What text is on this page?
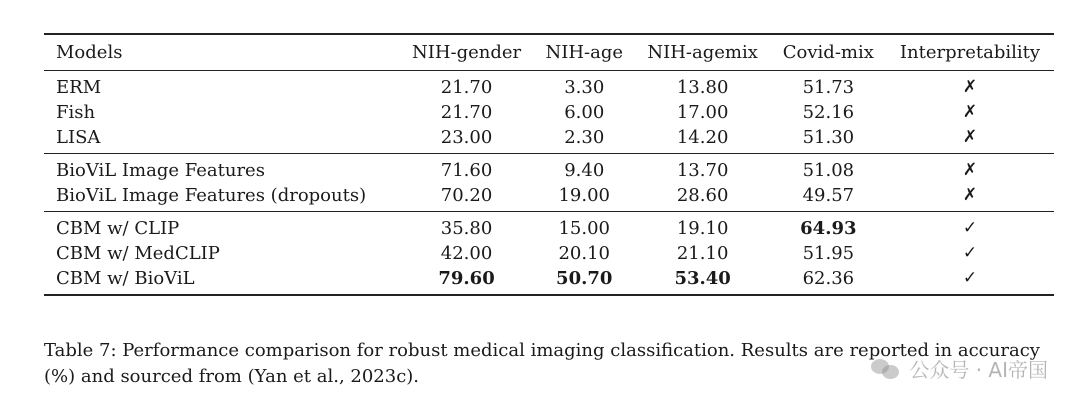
Models	NIH-gender	NIH-age	NIH-agemix	Covid-mix	Interpretability
ERM	21.70	3.30	13.80	51.73	✗
Fish	21.70	6.00	17.00	52.16	✗
LISA	23.00	2.30	14.20	51.30	✗
BioViL Image Features	71.60	9.40	13.70	51.08	✗
BioViL Image Features (dropouts)	70.20	19.00	28.60	49.57	✗
CBM w/ CLIP	35.80	15.00	19.10	64.93	✓
CBM w/ MedCLIP	42.00	20.10	21.10	51.95	✓
CBM w/ BioViL	79.60	50.70	53.40	62.36	✓
Table 7: Performance comparison for robust medical imaging classification. Results are reported in accuracy
(%) and sourced from (Yan et al., 2023c).	公众号 · AI帝国
